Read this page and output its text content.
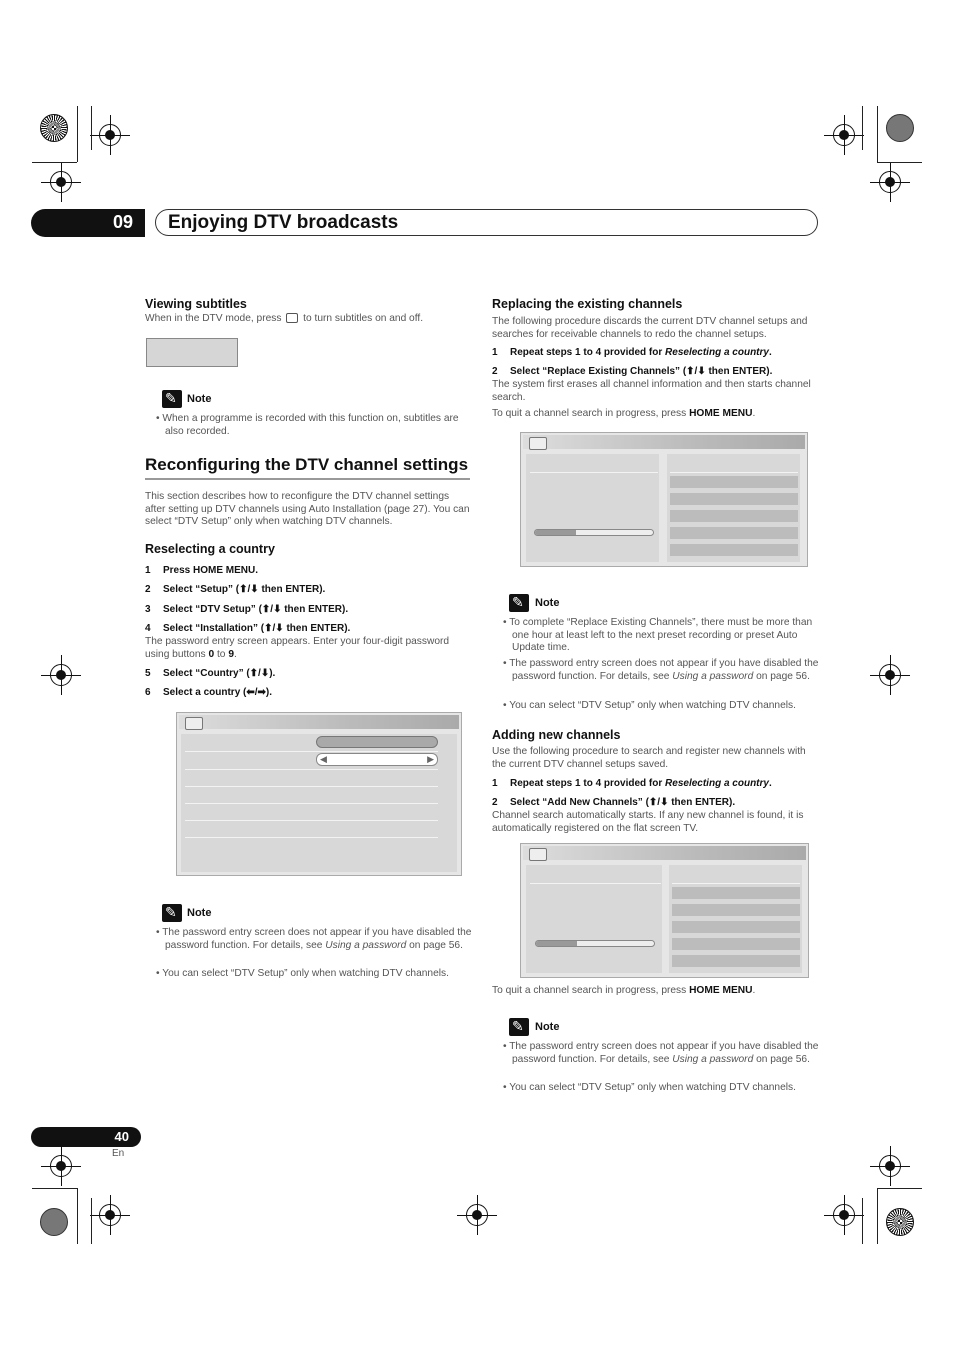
09	Enjoying DTV broadcasts
Viewing subtitles
When in the DTV mode, press to turn subtitles on and off.
✎
Note
• When a programme is recorded with this function on, subtitles are also recorded.
Reconfiguring the DTV channel settings
This section describes how to reconfigure the DTV channel settings after setting up DTV channels using Auto Installation (page 27). You can select “DTV Setup” only when watching DTV channels.
Reselecting a country
1 Press HOME MENU.
2 Select “Setup” (⬆/⬇ then ENTER).
3 Select “DTV Setup” (⬆/⬇ then ENTER).
4 Select “Installation” (⬆/⬇ then ENTER).
The password entry screen appears. Enter your four-digit password using buttons 0 to 9.
5 Select “Country” (⬆/⬇).
6 Select a country (⬅/➡).
◀	▶
✎
Note
• The password entry screen does not appear if you have disabled the password function. For details, see Using a password on page 56.
• You can select “DTV Setup” only when watching DTV channels.
Replacing the existing channels
The following procedure discards the current DTV channel setups and searches for receivable channels to redo the channel setups.
1 Repeat steps 1 to 4 provided for Reselecting a country.
2 Select “Replace Existing Channels” (⬆/⬇ then ENTER).
The system first erases all channel information and then starts channel search.
To quit a channel search in progress, press HOME MENU.
✎
Note
• To complete “Replace Existing Channels”, there must be more than one hour at least left to the next preset recording or preset Auto Update time.
• The password entry screen does not appear if you have disabled the password function. For details, see Using a password on page 56.
• You can select “DTV Setup” only when watching DTV channels.
Adding new channels
Use the following procedure to search and register new channels with the current DTV channel setups saved.
1 Repeat steps 1 to 4 provided for Reselecting a country.
2 Select “Add New Channels” (⬆/⬇ then ENTER).
Channel search automatically starts. If any new channel is found, it is automatically registered on the flat screen TV.
To quit a channel search in progress, press HOME MENU.
✎
Note
• The password entry screen does not appear if you have disabled the password function. For details, see Using a password on page 56.
• You can select “DTV Setup” only when watching DTV channels.
40
En
